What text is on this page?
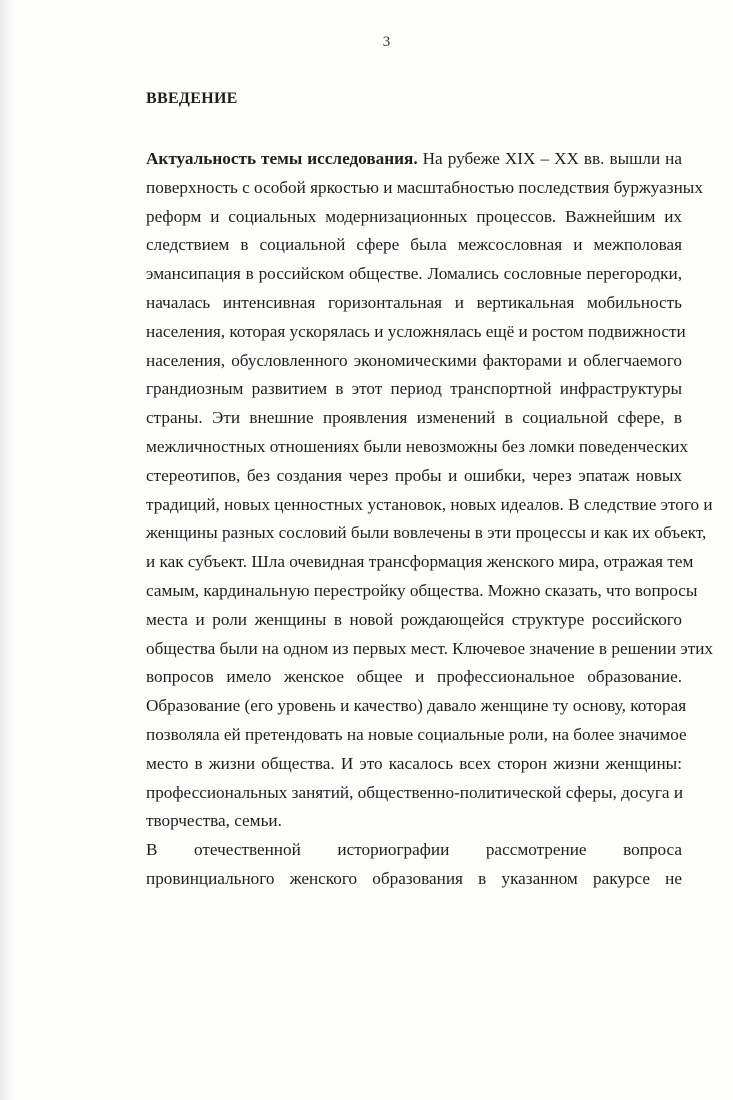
3
ВВЕДЕНИЕ
Актуальность темы исследования. На рубеже XIX – XX вв. вышли на
поверхность с особой яркостью и масштабностью последствия буржуазных
реформ и социальных модернизационных процессов. Важнейшим их
следствием в социальной сфере была межсословная и межполовая
эмансипация в российском обществе. Ломались сословные перегородки,
началась интенсивная горизонтальная и вертикальная мобильность
населения, которая ускорялась и усложнялась ещё и ростом подвижности
населения, обусловленного экономическими факторами и облегчаемого
грандиозным развитием в этот период транспортной инфраструктуры
страны. Эти внешние проявления изменений в социальной сфере, в
межличностных отношениях были невозможны без ломки поведенческих
стереотипов, без создания через пробы и ошибки, через эпатаж новых
традиций, новых ценностных установок, новых идеалов. В следствие этого и
женщины разных сословий были вовлечены в эти процессы и как их объект,
и как субъект. Шла очевидная трансформация женского мира, отражая тем
самым, кардинальную перестройку общества. Можно сказать, что вопросы
места и роли женщины в новой рождающейся структуре российского
общества были на одном из первых мест. Ключевое значение в решении этих
вопросов имело женское общее и профессиональное образование.
Образование (его уровень и качество) давало женщине ту основу, которая
позволяла ей претендовать на новые социальные роли, на более значимое
место в жизни общества. И это касалось всех сторон жизни женщины:
профессиональных занятий, общественно-политической сферы, досуга и
творчества, семьи.
В отечественной историографии рассмотрение вопроса
провинциального женского образования в указанном ракурсе не
